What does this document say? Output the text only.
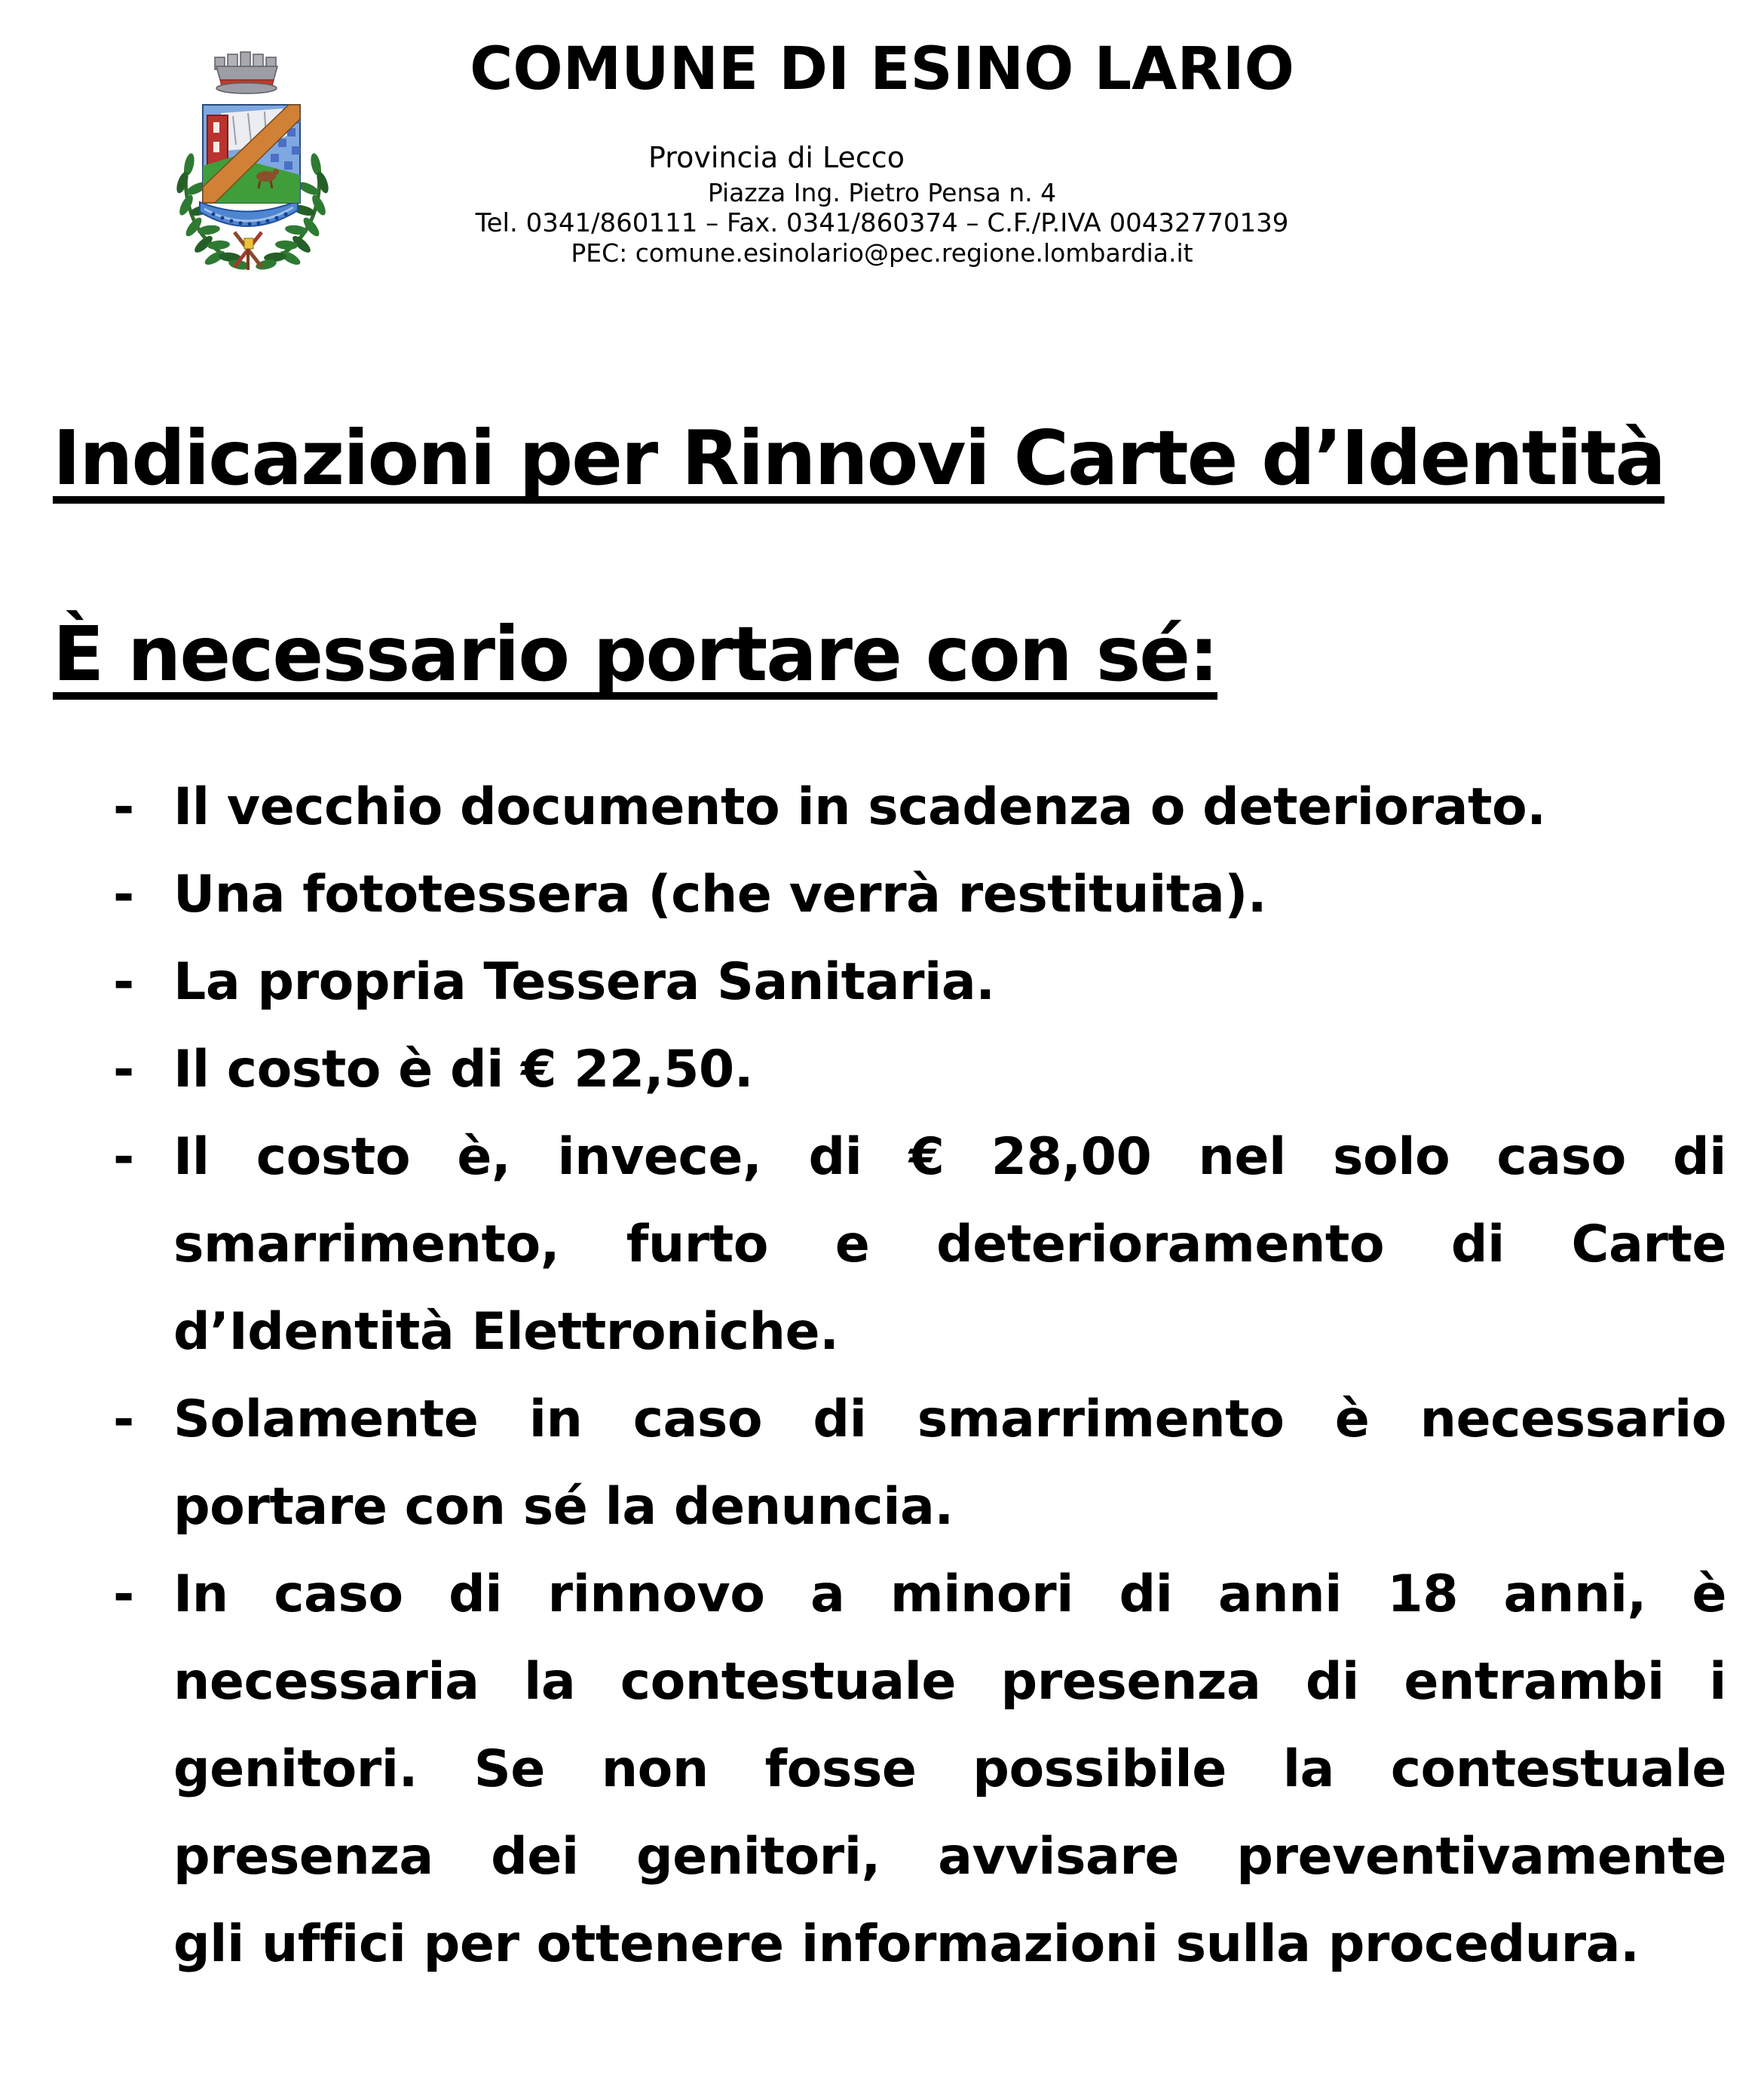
COMUNE DI ESINO LARIO
Provincia di Lecco
Piazza Ing. Pietro Pensa n. 4
Tel. 0341/860111 – Fax. 0341/860374 – C.F./P.IVA 00432770139
PEC: comune.esinolario@pec.regione.lombardia.it
Indicazioni per Rinnovi Carte d’Identità
È necessario portare con sé:
- Il vecchio documento in scadenza o deteriorato.
- Una fototessera (che verrà restituita).
- La propria Tessera Sanitaria.
- Il costo è di € 22,50.
- Il costo è, invece, di € 28,00 nel solo caso di
smarrimento, furto e deterioramento di Carte
d’Identità Elettroniche.
- Solamente in caso di smarrimento è necessario
portare con sé la denuncia.
- In caso di rinnovo a minori di anni 18 anni, è
necessaria la contestuale presenza di entrambi i
genitori. Se non fosse possibile la contestuale
presenza dei genitori, avvisare preventivamente
gli uffici per ottenere informazioni sulla procedura.
